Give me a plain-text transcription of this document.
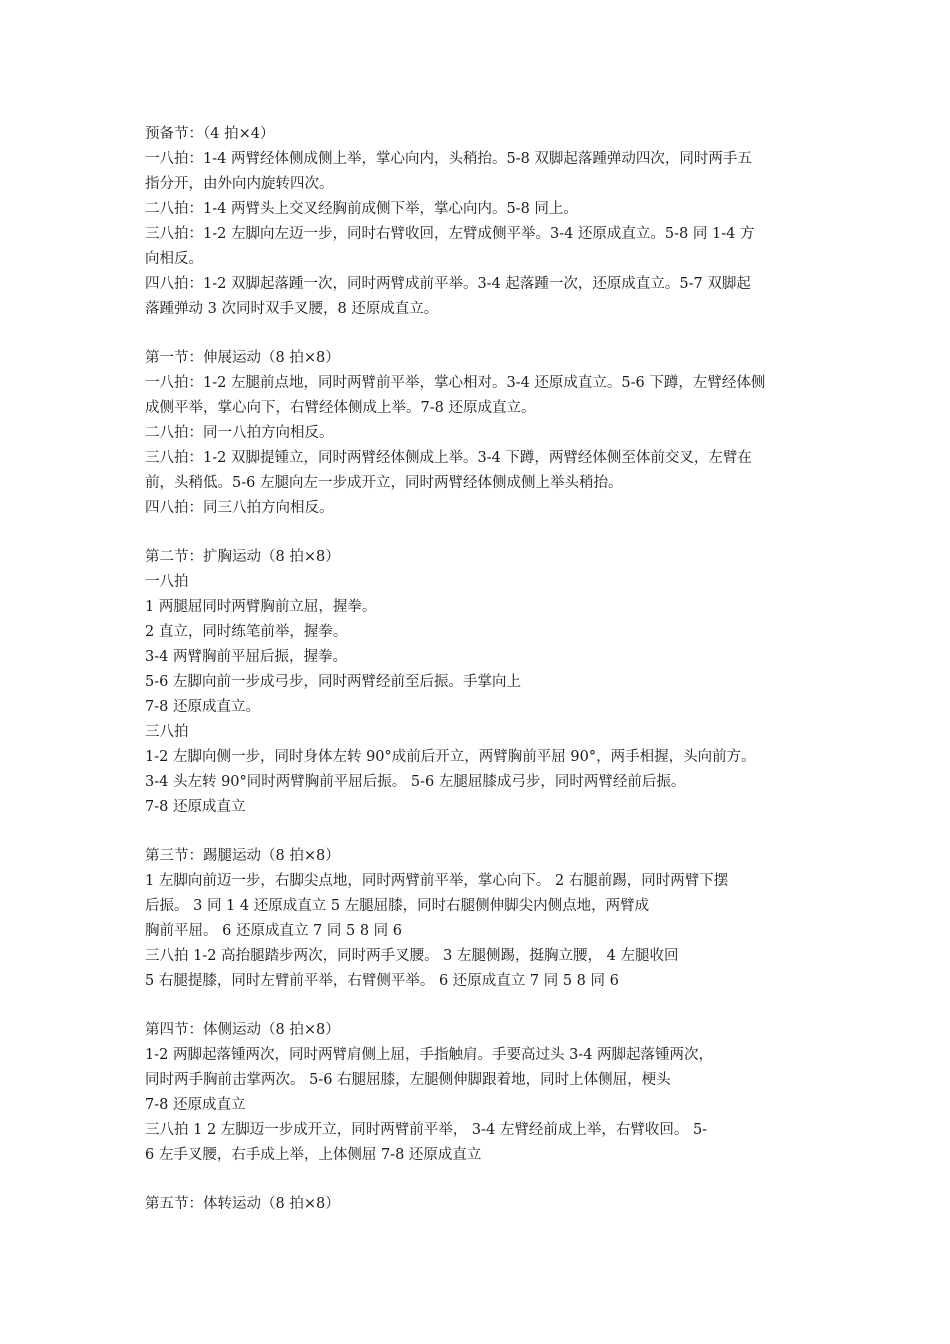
预备节：（4 拍×4）
一八拍：1-4 两臂经体侧成侧上举，掌心向内，头稍抬。5-8 双脚起落踵弹动四次，同时两手五
指分开，由外向内旋转四次。
二八拍：1-4 两臂头上交叉经胸前成侧下举，掌心向内。5-8 同上。
三八拍：1-2 左脚向左迈一步，同时右臂收回，左臂成侧平举。3-4 还原成直立。5-8 同 1-4 方
向相反。
四八拍：1-2 双脚起落踵一次，同时两臂成前平举。3-4 起落踵一次，还原成直立。5-7 双脚起
落踵弹动 3 次同时双手叉腰，8 还原成直立。
第一节：伸展运动（8 拍×8）
一八拍：1-2 左腿前点地，同时两臂前平举，掌心相对。3-4 还原成直立。5-6 下蹲，左臂经体侧
成侧平举，掌心向下，右臂经体侧成上举。7-8 还原成直立。
二八拍：同一八拍方向相反。
三八拍：1-2 双脚提锺立，同时两臂经体侧成上举。3-4 下蹲，两臂经体侧至体前交叉，左臂在
前，头稍低。5-6 左腿向左一步成开立，同时两臂经体侧成侧上举头稍抬。
四八拍：同三八拍方向相反。
第二节：扩胸运动（8 拍×8）
一八拍
1 两腿屈同时两臂胸前立屈，握拳。
2 直立，同时练笔前举，握拳。
3-4 两臂胸前平屈后振，握拳。
5-6 左脚向前一步成弓步，同时两臂经前至后振。手掌向上
7-8 还原成直立。
三八拍
1-2 左脚向侧一步，同时身体左转 90°成前后开立，两臂胸前平屈 90°，两手相握，头向前方。
3-4 头左转 90°同时两臂胸前平屈后振。 5-6 左腿屈膝成弓步，同时两臂经前后振。
7-8 还原成直立
第三节：踢腿运动（8 拍×8）
1 左脚向前迈一步，右脚尖点地，同时两臂前平举，掌心向下。 2 右腿前踢，同时两臂下摆
后振。 3 同 1 4 还原成直立 5 左腿屈膝，同时右腿侧伸脚尖内侧点地，两臂成
胸前平屈。 6 还原成直立 7 同 5 8 同 6
三八拍 1-2 高抬腿踏步两次，同时两手叉腰。 3 左腿侧踢，挺胸立腰， 4 左腿收回
5 右腿提膝，同时左臂前平举，右臂侧平举。 6 还原成直立 7 同 5 8 同 6
第四节：体侧运动（8 拍×8）
1-2 两脚起落锺两次，同时两臂肩侧上屈，手指触肩。手要高过头 3-4 两脚起落锺两次，
同时两手胸前击掌两次。 5-6 右腿屈膝，左腿侧伸脚跟着地，同时上体侧屈，梗头
7-8 还原成直立
三八拍 1 2 左脚迈一步成开立，同时两臂前平举， 3-4 左臂经前成上举，右臂收回。 5-
6 左手叉腰，右手成上举，上体侧屈 7-8 还原成直立
第五节：体转运动（8 拍×8）
